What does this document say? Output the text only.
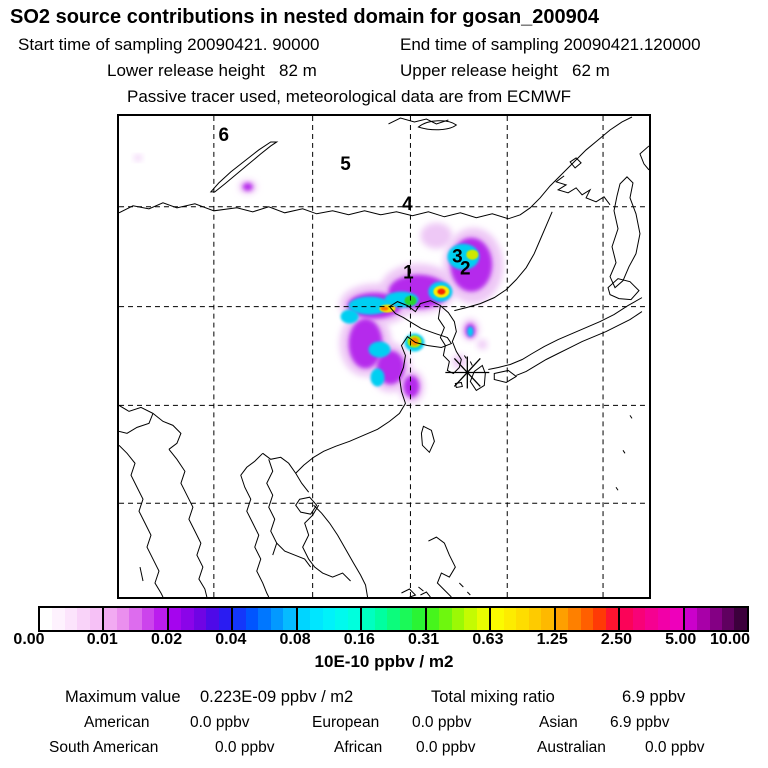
SO2 source contributions in nested domain for gosan_200904
Start time of sampling 20090421. 90000	End time of sampling 20090421.120000
Lower release height   82 m	Upper release height   62 m
Passive tracer used, meteorological data are from ECMWF
1 2
3
4
5
6
0.00	0.01	0.02	0.04	0.08	0.16	0.31	0.63	1.25	2.50	5.00 10.00
10E-10 ppbv / m2
Maximum value 0.223E-09 ppbv / m2	Total mixing ratio	6.9 ppbv
American	0.0 ppbv	European 0.0 ppbv	Asian 6.9 ppbv
South American	0.0 ppbv	African 0.0 ppbv	Australian	0.0 ppbv
